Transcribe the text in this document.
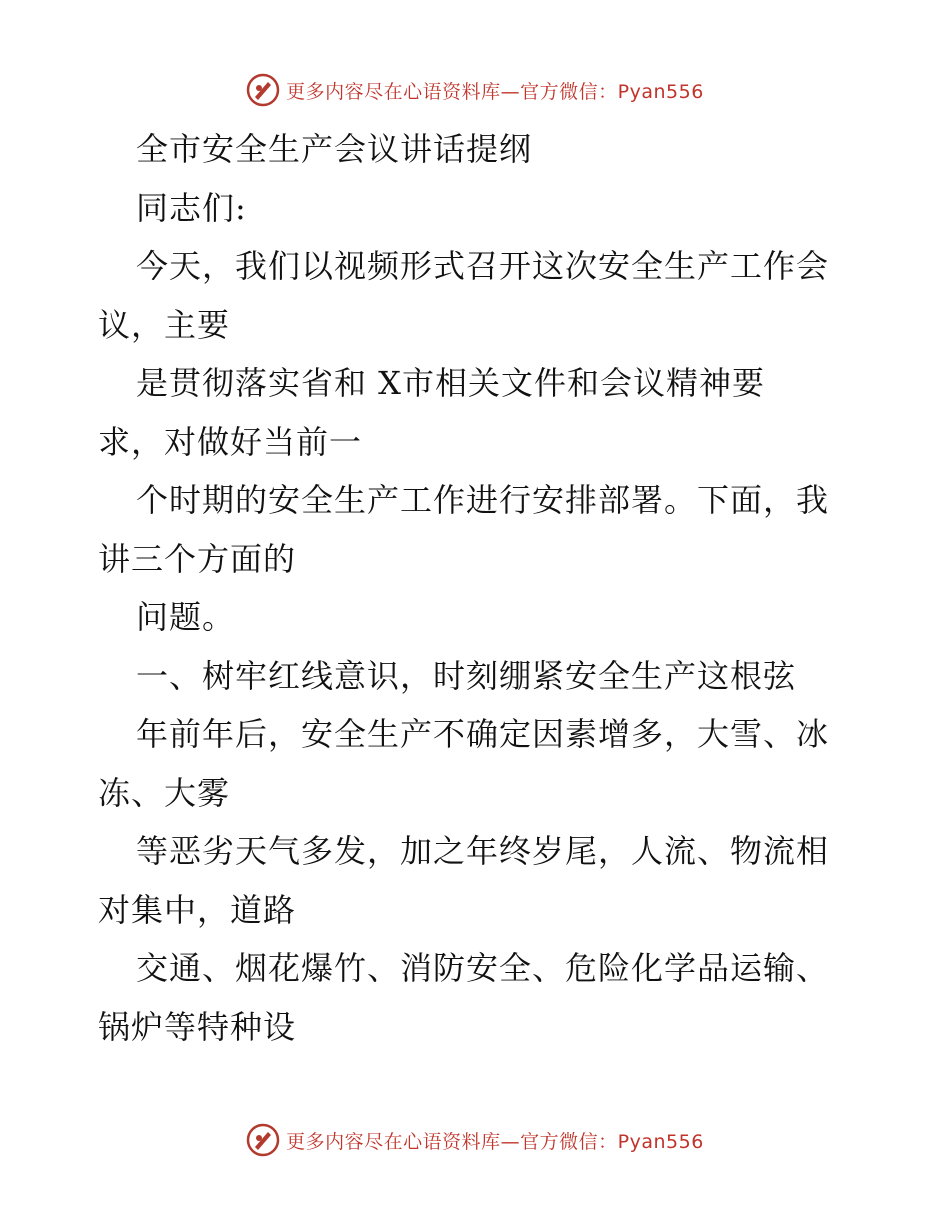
更多内容尽在心语资料库—官方微信：Pyan556
全市安全生产会议讲话提纲
同志们:
今天，我们以视频形式召开这次安全生产工作会
议，主要
是贯彻落实省和 X市相关文件和会议精神要
求，对做好当前一
个时期的安全生产工作进行安排部署。下面，我
讲三个方面的
问题。
一、树牢红线意识，时刻绷紧安全生产这根弦
年前年后，安全生产不确定因素增多，大雪、冰
冻、大雾
等恶劣天气多发，加之年终岁尾，人流、物流相
对集中，道路
交通、烟花爆竹、消防安全、危险化学品运输、
锅炉等特种设
更多内容尽在心语资料库—官方微信：Pyan556
